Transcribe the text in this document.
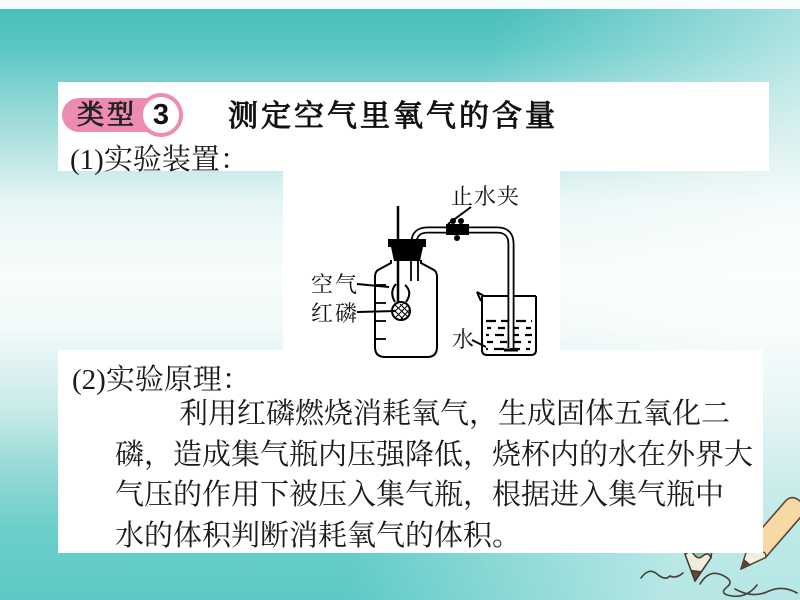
类型 3	测定空气里氧气的含量
(1)实验装置：
止水夹
空气
红磷
水
(2)实验原理：
利用红磷燃烧消耗氧气，生成固体五氧化二
磷，造成集气瓶内压强降低，烧杯内的水在外界大
气压的作用下被压入集气瓶，根据进入集气瓶中
水的体积判断消耗氧气的体积。
